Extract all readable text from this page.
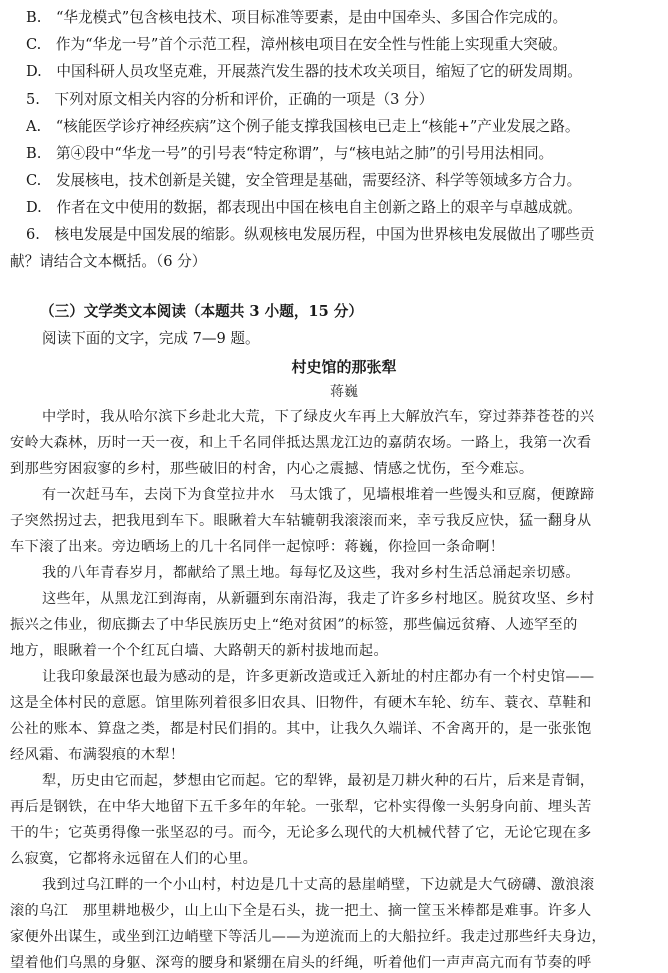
B.　“华龙模式”包含核电技术、项目标准等要素，是由中国牵头、多国合作完成的。
C.　作为“华龙一号”首个示范工程，漳州核电项目在安全性与性能上实现重大突破。
D.　中国科研人员攻坚克难，开展蒸汽发生器的技术攻关项目，缩短了它的研发周期。
5.　下列对原文相关内容的分析和评价，正确的一项是（3 分）
A.　“核能医学诊疗神经疾病”这个例子能支撑我国核电已走上“核能+”产业发展之路。
B.　第④段中“华龙一号”的引号表“特定称谓”，与“核电站之肺”的引号用法相同。
C.　发展核电，技术创新是关键，安全管理是基础，需要经济、科学等领域多方合力。
D.　作者在文中使用的数据，都表现出中国在核电自主创新之路上的艰辛与卓越成就。
6.　核电发展是中国发展的缩影。纵观核电发展历程，中国为世界核电发展做出了哪些贡
献？请结合文本概括。（6 分）
（三）文学类文本阅读（本题共 3 小题，15 分）
阅读下面的文字，完成 7—9 题。
村史馆的那张犁
蒋巍
中学时，我从哈尔滨下乡赴北大荒，下了绿皮火车再上大解放汽车，穿过莽莽苍苍的兴
安岭大森林，历时一天一夜，和上千名同伴抵达黑龙江边的嘉荫农场。一路上，我第一次看
到那些穷困寂寥的乡村，那些破旧的村舍，内心之震撼、情感之忧伤，至今难忘。
有一次赶马车，去岗下为食堂拉井水　马太饿了，见墙根堆着一些馒头和豆腐，便蹽蹄
子突然拐过去，把我甩到车下。眼瞅着大车轱辘朝我滚滚而来，幸亏我反应快，猛一翻身从
车下滚了出来。旁边晒场上的几十名同伴一起惊呼：蒋巍，你捡回一条命啊！
我的八年青春岁月，都献给了黑土地。每每忆及这些，我对乡村生活总涌起亲切感。
这些年，从黑龙江到海南，从新疆到东南沿海，我走了许多乡村地区。脱贫攻坚、乡村
振兴之伟业，彻底撕去了中华民族历史上“绝对贫困”的标签，那些偏远贫瘠、人迹罕至的
地方，眼瞅着一个个红瓦白墙、大路朝天的新村拔地而起。
让我印象最深也最为感动的是，许多更新改造或迁入新址的村庄都办有一个村史馆——
这是全体村民的意愿。馆里陈列着很多旧农具、旧物件，有硬木车轮、纺车、蓑衣、草鞋和
公社的账本、算盘之类，都是村民们捐的。其中，让我久久端详、不舍离开的，是一张张饱
经风霜、布满裂痕的木犁！
犁，历史由它而起，梦想由它而起。它的犁铧，最初是刀耕火种的石片，后来是青铜，
再后是钢铁，在中华大地留下五千多年的年轮。一张犁，它朴实得像一头躬身向前、埋头苦
干的牛；它英勇得像一张坚忍的弓。而今，无论多么现代的大机械代替了它，无论它现在多
么寂寞，它都将永远留在人们的心里。
我到过乌江畔的一个小山村，村边是几十丈高的悬崖峭壁，下边就是大气磅礴、激浪滚
滚的乌江　那里耕地极少，山上山下全是石头，拢一把土、摘一筐玉米棒都是难事。许多人
家便外出谋生，或坐到江边峭壁下等活儿——为逆流而上的大船拉纤。我走过那些纤夫身边，
望着他们乌黑的身躯、深弯的腰身和紧绷在肩头的纤绳，听着他们一声声高亢而有节奏的呼
